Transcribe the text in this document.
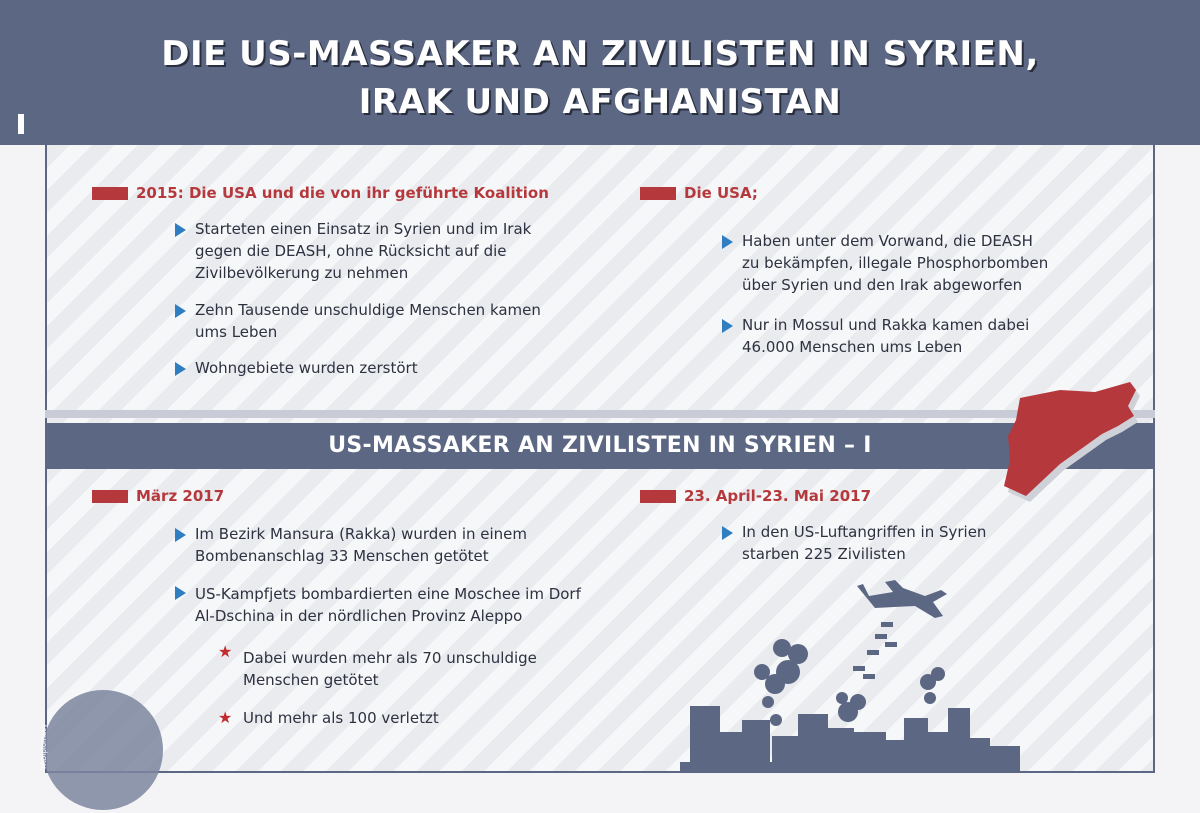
DIE US-MASSAKER AN ZIVILISTEN IN SYRIEN,
IRAK UND AFGHANISTAN
2015: Die USA und die von ihr geführte Koalition
Starteten einen Einsatz in Syrien und im Irak
gegen die DEASH, ohne Rücksicht auf die
Zivilbevölkerung zu nehmen
Zehn Tausende unschuldige Menschen kamen
ums Leben
Wohngebiete wurden zerstört
Die USA;
Haben unter dem Vorwand, die DEASH
zu bekämpfen, illegale Phosphorbomben
über Syrien und den Irak abgeworfen
Nur in Mossul und Rakka kamen dabei
46.000 Menschen ums Leben
US-MASSAKER AN ZIVILISTEN IN SYRIEN – I
März 2017
Im Bezirk Mansura (Rakka) wurden in einem
Bombenanschlag 33 Menschen getötet
US-Kampfjets bombardierten eine Moschee im Dorf
Al-Dschina in der nördlichen Provinz Aleppo
★ Dabei wurden mehr als 70 unschuldige
Menschen getötet
★ Und mehr als 100 verletzt
23. April-23. Mai 2017
In den US-Luftangriffen in Syrien
starben 225 Zivilisten
TRDiplomacy
